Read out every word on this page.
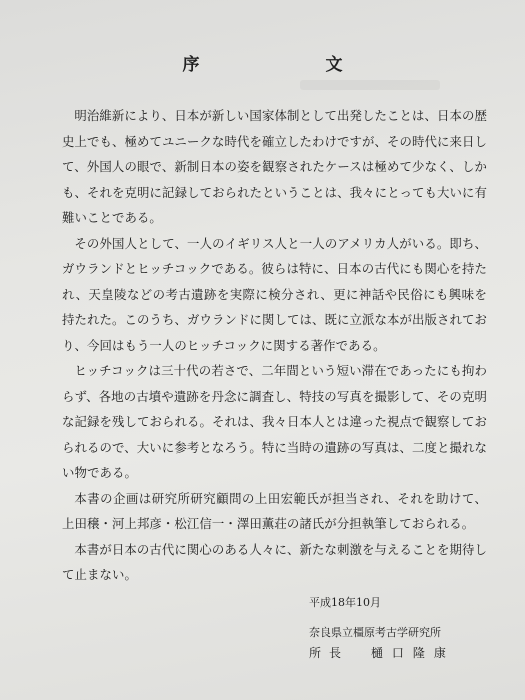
序 文

明治維新により、日本が新しい国家体制として出発したことは、日本の歴史上でも、極めてユニークな時代を確立したわけですが、その時代に来日して、外国人の眼で、新制日本の姿を観察されたケースは極めて少なく、しかも、それを克明に記録しておられたということは、我々にとっても大いに有難いことである。

その外国人として、一人のイギリス人と一人のアメリカ人がいる。即ち、ガウランドとヒッチコックである。彼らは特に、日本の古代にも関心を持たれ、天皇陵などの考古遺跡を実際に検分され、更に神話や民俗にも興味を持たれた。このうち、ガウランドに関しては、既に立派な本が出版されており、今回はもう一人のヒッチコックに関する著作である。

ヒッチコックは三十代の若さで、二年間という短い滞在であったにも拘わらず、各地の古墳や遺跡を丹念に調査し、特技の写真を撮影して、その克明な記録を残しておられる。それは、我々日本人とは違った視点で観察しておられるので、大いに参考となろう。特に当時の遺跡の写真は、二度と撮れない物である。

本書の企画は研究所研究顧問の上田宏範氏が担当され、それを助けて、上田穣・河上邦彦・松江信一・澤田薫荘の諸氏が分担執筆しておられる。

本書が日本の古代に関心のある人々に、新たな刺激を与えることを期待して止まない。

平成18年10月
奈良県立橿原考古学研究所
所長 樋口隆康
